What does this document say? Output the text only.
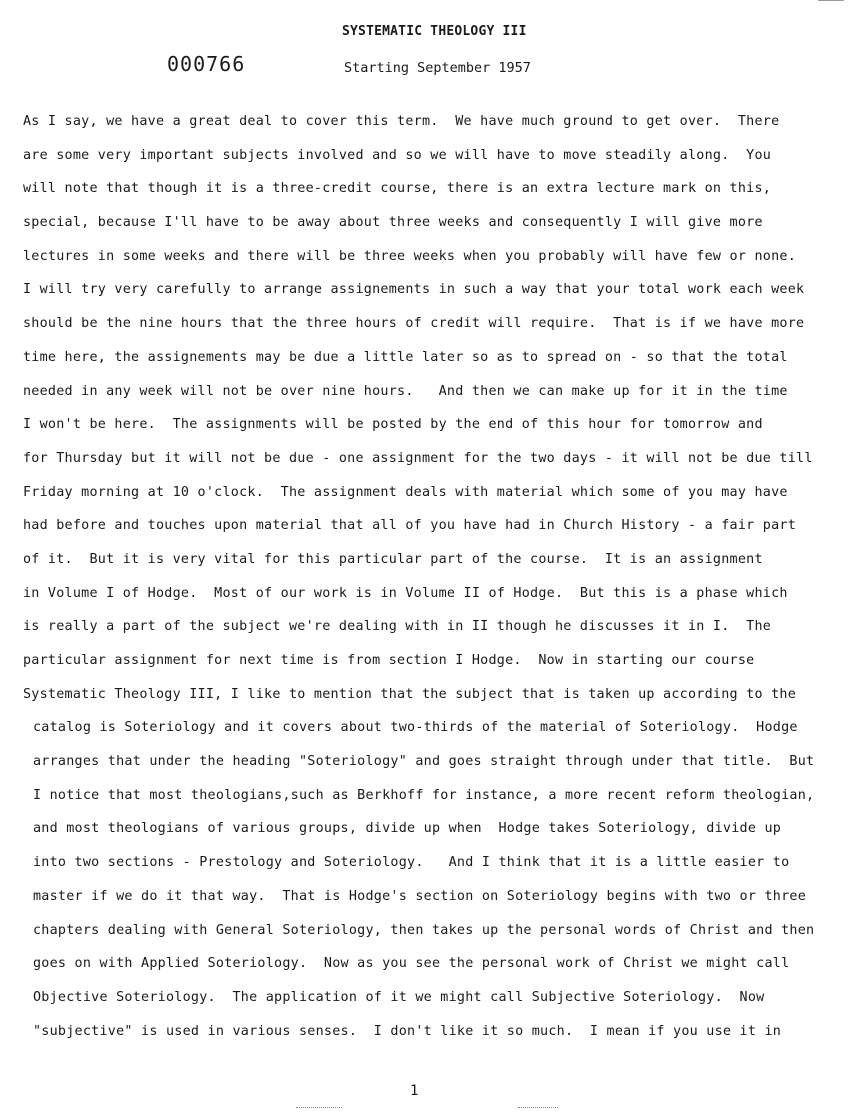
SYSTEMATIC THEOLOGY III
000766	Starting September 1957
As I say, we have a great deal to cover this term.  We have much ground to get over.  There
are some very important subjects involved and so we will have to move steadily along.  You
will note that though it is a three-credit course, there is an extra lecture mark on this,
special, because I'll have to be away about three weeks and consequently I will give more
lectures in some weeks and there will be three weeks when you probably will have few or none.
I will try very carefully to arrange assignements in such a way that your total work each week
should be the nine hours that the three hours of credit will require.  That is if we have more
time here, the assignements may be due a little later so as to spread on - so that the total
needed in any week will not be over nine hours.   And then we can make up for it in the time
I won't be here.  The assignments will be posted by the end of this hour for tomorrow and
for Thursday but it will not be due - one assignment for the two days - it will not be due till
Friday morning at 10 o'clock.  The assignment deals with material which some of you may have
had before and touches upon material that all of you have had in Church History - a fair part
of it.  But it is very vital for this particular part of the course.  It is an assignment
in Volume I of Hodge.  Most of our work is in Volume II of Hodge.  But this is a phase which
is really a part of the subject we're dealing with in II though he discusses it in I.  The
particular assignment for next time is from section I Hodge.  Now in starting our course
Systematic Theology III, I like to mention that the subject that is taken up according to the
catalog is Soteriology and it covers about two-thirds of the material of Soteriology.  Hodge
arranges that under the heading "Soteriology" and goes straight through under that title.  But
I notice that most theologians,such as Berkhoff for instance, a more recent reform theologian,
and most theologians of various groups, divide up when  Hodge takes Soteriology, divide up
into two sections - Prestology and Soteriology.   And I think that it is a little easier to
master if we do it that way.  That is Hodge's section on Soteriology begins with two or three
chapters dealing with General Soteriology, then takes up the personal words of Christ and then
goes on with Applied Soteriology.  Now as you see the personal work of Christ we might call
Objective Soteriology.  The application of it we might call Subjective Soteriology.  Now
"subjective" is used in various senses.  I don't like it so much.  I mean if you use it in
1
